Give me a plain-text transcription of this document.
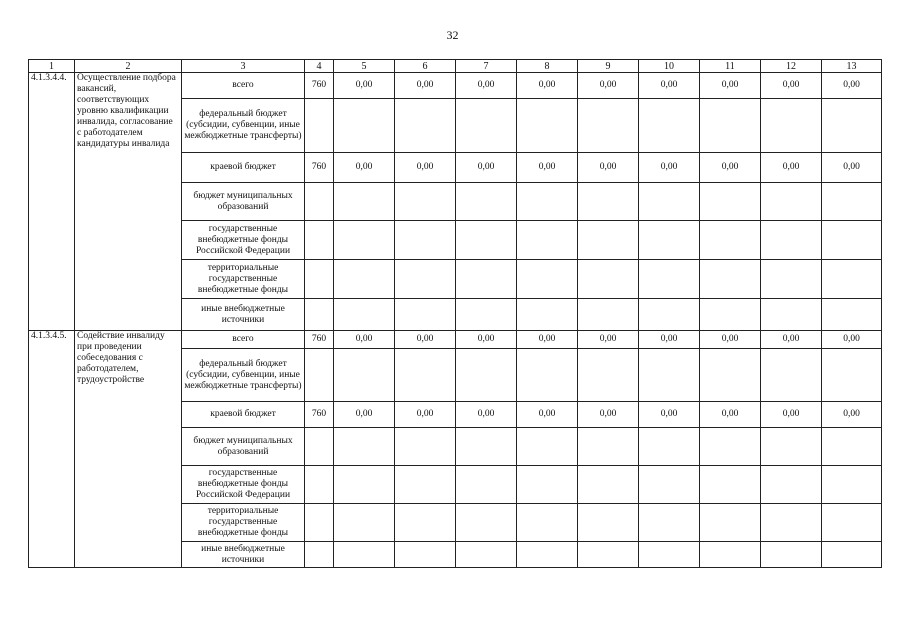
32
1	2	3	4	5	6	7	8	9	10	11	12	13
4.1.3.4.4.	Осуществление подбора вакансий, соответствующих уровню квалификации инвалида, согласование с работодателем кандидатуры инвалида	всего	760	0,00	0,00	0,00	0,00	0,00	0,00	0,00	0,00	0,00
		федеральный бюджет (субсидии, субвенции, иные межбюджетные трансферты)										
		краевой бюджет	760	0,00	0,00	0,00	0,00	0,00	0,00	0,00	0,00	0,00
		бюджет муниципальных образований										
		государственные внебюджетные фонды Российской Федерации										
		территориальные государственные внебюджетные фонды										
		иные внебюджетные источники										
4.1.3.4.5.	Содействие инвалиду при проведении собеседования с работодателем, трудоустройстве	всего	760	0,00	0,00	0,00	0,00	0,00	0,00	0,00	0,00	0,00
		федеральный бюджет (субсидии, субвенции, иные межбюджетные трансферты)										
		краевой бюджет	760	0,00	0,00	0,00	0,00	0,00	0,00	0,00	0,00	0,00
		бюджет муниципальных образований										
		государственные внебюджетные фонды Российской Федерации										
		территориальные государственные внебюджетные фонды										
		иные внебюджетные источники										
